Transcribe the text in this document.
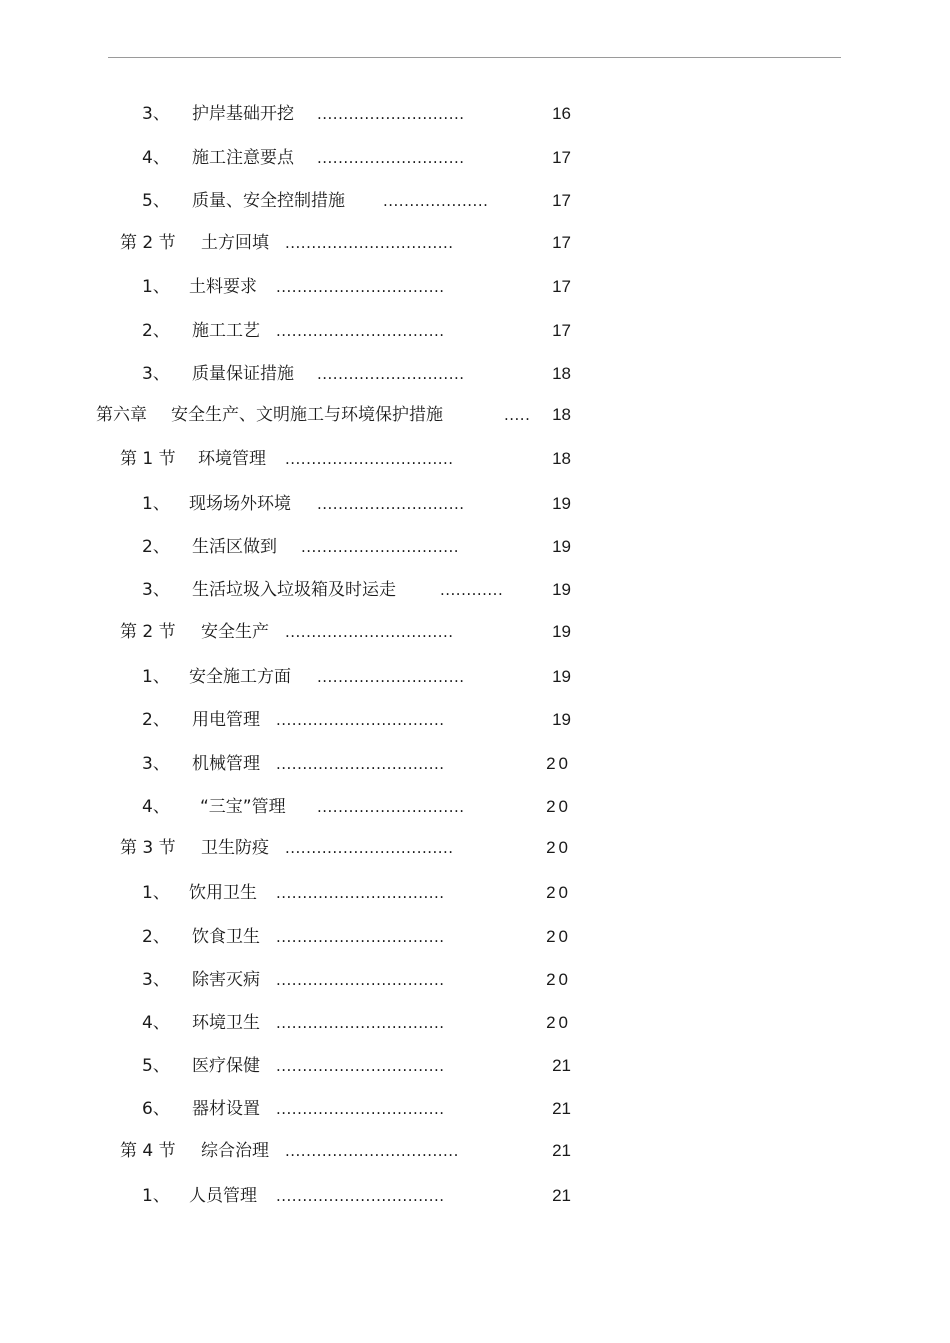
3、 护岸基础开挖 ............................	16
4、 施工注意要点 ............................	17
5、 质量、安全控制措施	....................	17
第 2 节 土方回填 ................................	17
1、 土料要求 ................................	17
2、 施工工艺 ................................	17
3、 质量保证措施 ............................	18
第六章 安全生产、文明施工与环境保护措施	.....	18
第 1 节 环境管理 ................................	18
1、 现场场外环境 ............................	19
2、 生活区做到 ..............................	19
3、 生活垃圾入垃圾箱及时运走	............	19
第 2 节 安全生产 ................................	19
1、 安全施工方面 ............................	19
2、 用电管理 ................................	19
3、 机械管理 ................................	20
4、 “三宝”管理 ............................	20
第 3 节 卫生防疫 ................................	20
1、 饮用卫生 ................................	20
2、 饮食卫生 ................................	20
3、 除害灭病 ................................	20
4、 环境卫生 ................................	20
5、 医疗保健 ................................	21
6、 器材设置 ................................	21
第 4 节 综合治理 .................................	21
1、 人员管理 ................................	21
